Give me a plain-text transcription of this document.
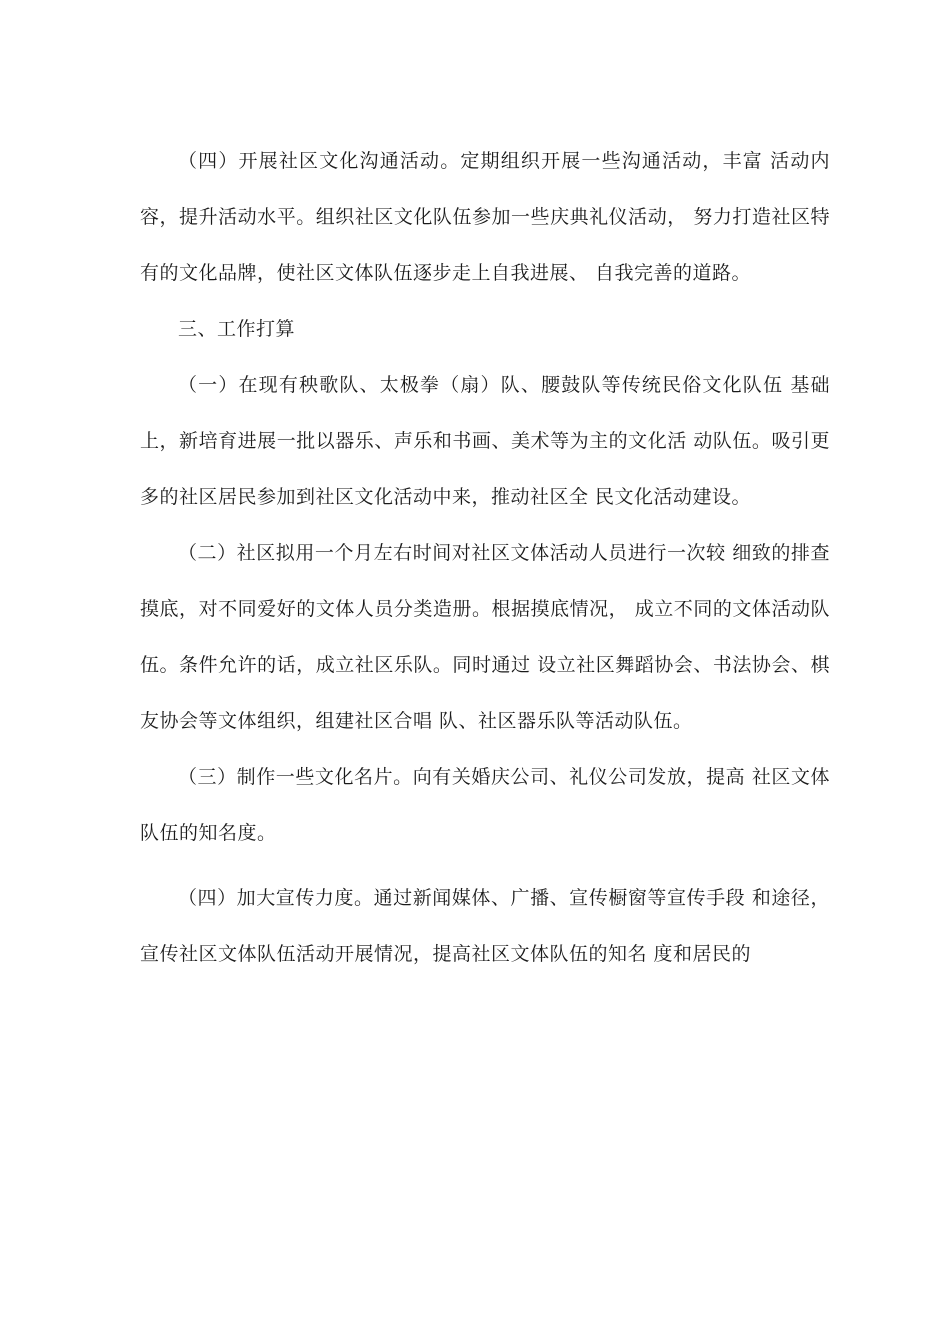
（四）开展社区文化沟通活动。定期组织开展一些沟通活动，丰富 活动内容，提升活动水平。组织社区文化队伍参加一些庆典礼仪活动， 努力打造社区特有的文化品牌，使社区文体队伍逐步走上自我进展、 自我完善的道路。

三、工作打算

（一）在现有秧歌队、太极拳（扇）队、腰鼓队等传统民俗文化队伍 基础上，新培育进展一批以器乐、声乐和书画、美术等为主的文化活 动队伍。吸引更多的社区居民参加到社区文化活动中来，推动社区全 民文化活动建设。

（二）社区拟用一个月左右时间对社区文体活动人员进行一次较 细致的排查摸底，对不同爱好的文体人员分类造册。根据摸底情况， 成立不同的文体活动队伍。条件允许的话，成立社区乐队。同时通过 设立社区舞蹈协会、书法协会、棋友协会等文体组织，组建社区合唱 队、社区器乐队等活动队伍。

（三）制作一些文化名片。向有关婚庆公司、礼仪公司发放，提高 社区文体队伍的知名度。

（四）加大宣传力度。通过新闻媒体、广播、宣传橱窗等宣传手段 和途径，宣传社区文体队伍活动开展情况，提高社区文体队伍的知名 度和居民的
